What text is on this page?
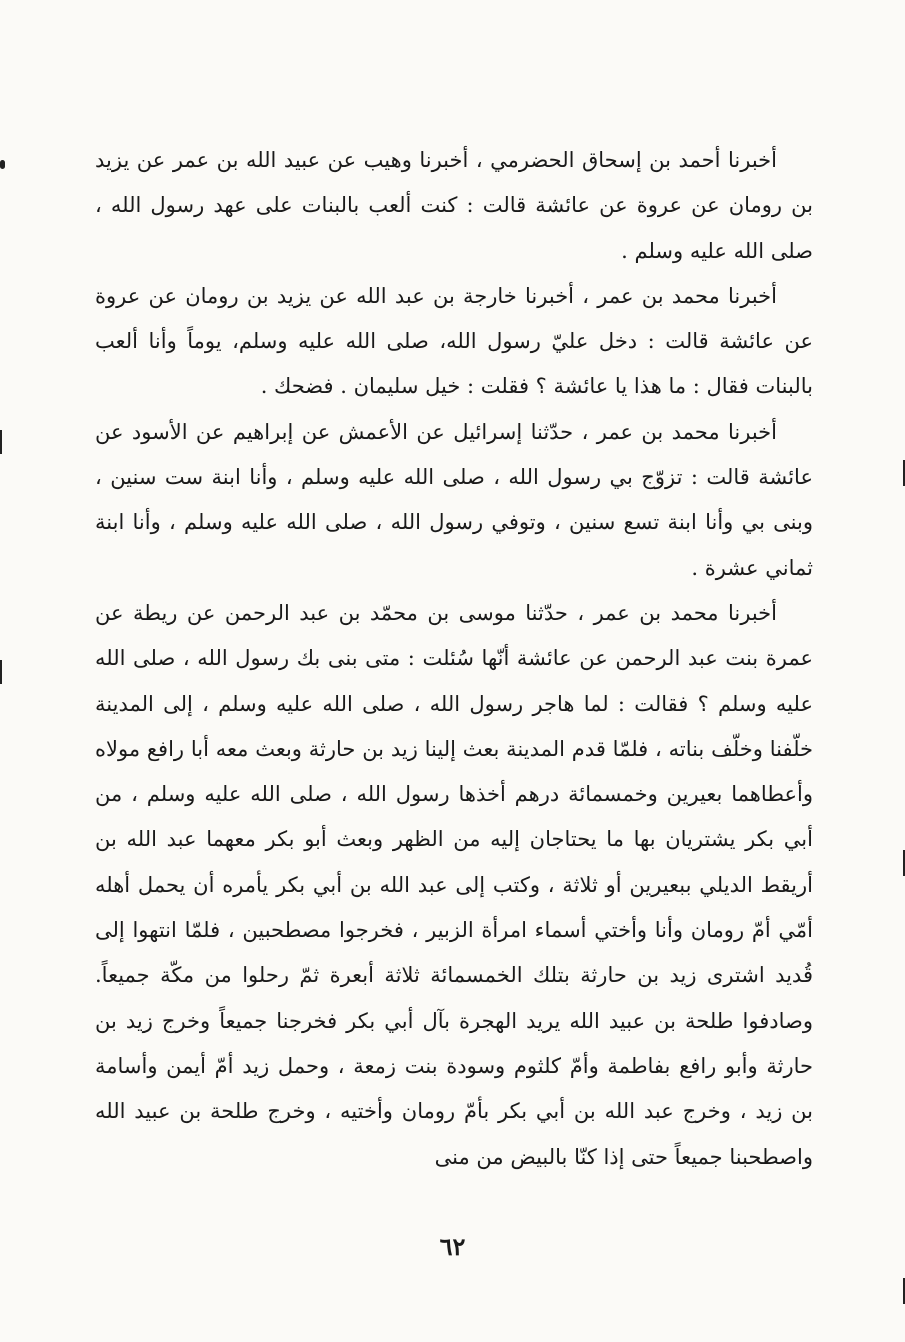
أخبرنا أحمد بن إسحاق الحضرمي ، أخبرنا وهيب عن عبيد الله بن عمر عن يزيد بن رومان عن عروة عن عائشة قالت : كنت ألعب بالبنات على عهد رسول الله ، صلى الله عليه وسلم .

أخبرنا محمد بن عمر ، أخبرنا خارجة بن عبد الله عن يزيد بن رومان عن عروة عن عائشة قالت : دخل عليّ رسول الله، صلى الله عليه وسلم، يوماً وأنا ألعب بالبنات فقال : ما هذا يا عائشة ؟ فقلت : خيل سليمان . فضحك .

أخبرنا محمد بن عمر ، حدّثنا إسرائيل عن الأعمش عن إبراهيم عن الأسود عن عائشة قالت : تزوّج بي رسول الله ، صلى الله عليه وسلم ، وأنا ابنة ست سنين ، وبنى بي وأنا ابنة تسع سنين ، وتوفي رسول الله ، صلى الله عليه وسلم ، وأنا ابنة ثماني عشرة .

أخبرنا محمد بن عمر ، حدّثنا موسى بن محمّد بن عبد الرحمن عن ريطة عن عمرة بنت عبد الرحمن عن عائشة أنّها سُئلت : متى بنى بك رسول الله ، صلى الله عليه وسلم ؟ فقالت : لما هاجر رسول الله ، صلى الله عليه وسلم ، إلى المدينة خلّفنا وخلّف بناته ، فلمّا قدم المدينة بعث إلينا زيد بن حارثة وبعث معه أبا رافع مولاه وأعطاهما بعيرين وخمسمائة درهم أخذها رسول الله ، صلى الله عليه وسلم ، من أبي بكر يشتريان بها ما يحتاجان إليه من الظهر وبعث أبو بكر معهما عبد الله بن أريقط الديلي ببعيرين أو ثلاثة ، وكتب إلى عبد الله بن أبي بكر يأمره أن يحمل أهله أمّي أمّ رومان وأنا وأختي أسماء امرأة الزبير ، فخرجوا مصطحبين ، فلمّا انتهوا إلى قُديد اشترى زيد بن حارثة بتلك الخمسمائة ثلاثة أبعرة ثمّ رحلوا من مكّة جميعاً. وصادفوا طلحة بن عبيد الله يريد الهجرة بآل أبي بكر فخرجنا جميعاً وخرج زيد بن حارثة وأبو رافع بفاطمة وأمّ كلثوم وسودة بنت زمعة ، وحمل زيد أمّ أيمن وأسامة بن زيد ، وخرج عبد الله بن أبي بكر بأمّ رومان وأختيه ، وخرج طلحة بن عبيد الله واصطحبنا جميعاً حتى إذا كنّا بالبيض من منى

٦٢
